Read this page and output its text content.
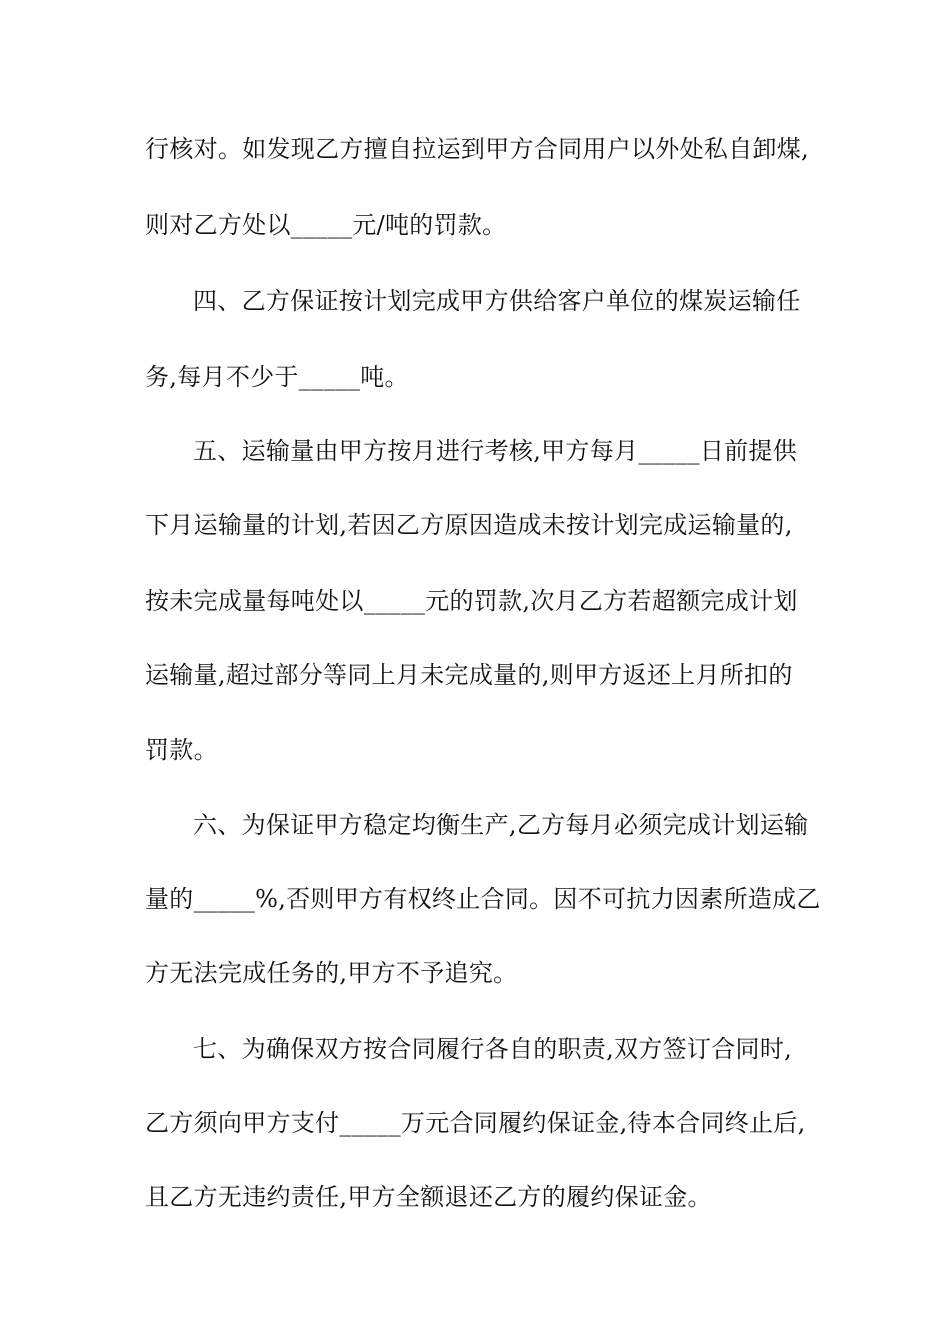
行核对。如发现乙方擅自拉运到甲方合同用户以外处私自卸煤,
则对乙方处以_____元/吨的罚款。
四、乙方保证按计划完成甲方供给客户单位的煤炭运输任
务,每月不少于_____吨。
五、运输量由甲方按月进行考核,甲方每月_____日前提供
下月运输量的计划,若因乙方原因造成未按计划完成运输量的,
按未完成量每吨处以_____元的罚款,次月乙方若超额完成计划
运输量,超过部分等同上月未完成量的,则甲方返还上月所扣的
罚款。
六、为保证甲方稳定均衡生产,乙方每月必须完成计划运输
量的_____%,否则甲方有权终止合同。因不可抗力因素所造成乙
方无法完成任务的,甲方不予追究。
七、为确保双方按合同履行各自的职责,双方签订合同时,
乙方须向甲方支付_____万元合同履约保证金,待本合同终止后,
且乙方无违约责任,甲方全额退还乙方的履约保证金。
